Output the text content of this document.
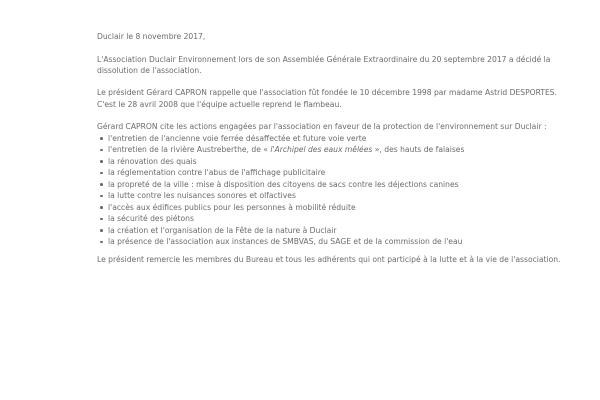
Duclair le 8 novembre 2017,

L'Association Duclair Environnement lors de son Assemblée Générale Extraordinaire du 20 septembre 2017 a décidé la
dissolution de l'association.

Le président Gérard CAPRON rappelle que l'association fût fondée le 10 décembre 1998 par madame Astrid DESPORTES.
C'est le 28 avril 2008 que l'équipe actuelle reprend le flambeau.

Gérard CAPRON cite les actions engagées par l'association en faveur de la protection de l'environnement sur Duclair :

l'entretien de l'ancienne voie ferrée désaffectée et future voie verte
l'entretien de la rivière Austreberthe, de « l'Archipel des eaux mêlées », des hauts de falaises
la rénovation des quais
la réglementation contre l'abus de l'affichage publicitaire
la propreté de la ville : mise à disposition des citoyens de sacs contre les déjections canines
la lutte contre les nuisances sonores et olfactives
l'accès aux édifices publics pour les personnes à mobilité réduite
la sécurité des piétons
la création et l'organisation de la Fête de la nature à Duclair
la présence de l'association aux instances de SMBVAS, du SAGE et de la commission de l'eau

Le président remercie les membres du Bureau et tous les adhérents qui ont participé à la lutte et à la vie de l'association.
